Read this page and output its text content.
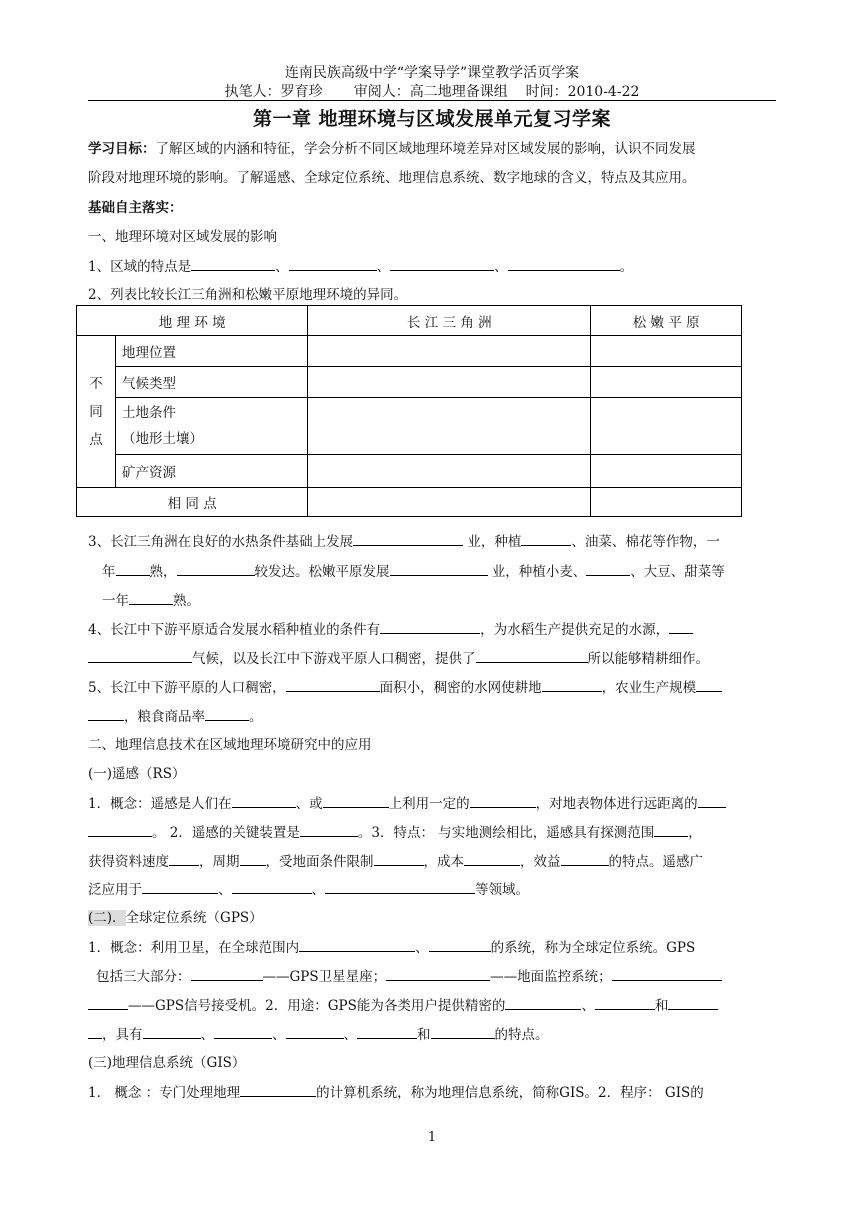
连南民族高级中学“学案导学”课堂教学活页学案
执笔人：罗育珍 审阅人：高二地理备课组 时间：2010-4-22
第一章 地理环境与区域发展单元复习学案
学习目标：了解区域的内涵和特征，学会分析不同区域地理环境差异对区域发展的影响，认识不同发展
阶段对地理环境的影响。了解遥感、全球定位系统、地理信息系统、数字地球的含义，特点及其应用。
基础自主落实：
一、地理环境对区域发展的影响
1、区域的特点是	、	、	、	。
2、列表比较长江三角洲和松嫩平原地理环境的异同。
地 理 环 境		长 江 三 角 洲	松 嫩 平 原
不
同
点	地理位置		
	气候类型		
	土地条件
（地形土壤）		
	矿产资源		
相 同 点			
3、长江三角洲在良好的水热条件基础上发展	业，种植	、油菜、棉花等作物，一
年	熟，	较发达。松嫩平原发展	业，种植小麦、	、大豆、甜菜等
一年	熟。
4、长江中下游平原适合发展水稻种植业的条件有	，为水稻生产提供充足的水源，
气候，以及长江中下游戏平原人口稠密，提供了	所以能够精耕细作。
5、长江中下游平原的人口稠密，	面积小，稠密的水网使耕地	，农业生产规模
，粮食商品率	。
二、地理信息技术在区域地理环境研究中的应用
(一)遥感（RS）
1．概念：遥感是人们在	、或	上利用一定的	，对地表物体进行远距离的
。 2．遥感的关键装置是	。3．特点： 与实地测绘相比，遥感具有探测范围	，
获得资料速度 ，周期 ，受地面条件限制	，成本	，效益	的特点。遥感广
泛应用于	、	、	等领域。
(二)．全球定位系统（GPS）
1．概念：利用卫星，在全球范围内	、	的系统，称为全球定位系统。GPS
包括三大部分：	——GPS卫星星座；	——地面监控系统；
——GPS信号接受机。2．用途：GPS能为各类用户提供精密的	、	和
，具有	、	、	、	和	的特点。
(三)地理信息系统（GIS）
1． 概念 ：专门处理地理	的计算机系统，称为地理信息系统，简称GIS。2．程序： GIS的
1
